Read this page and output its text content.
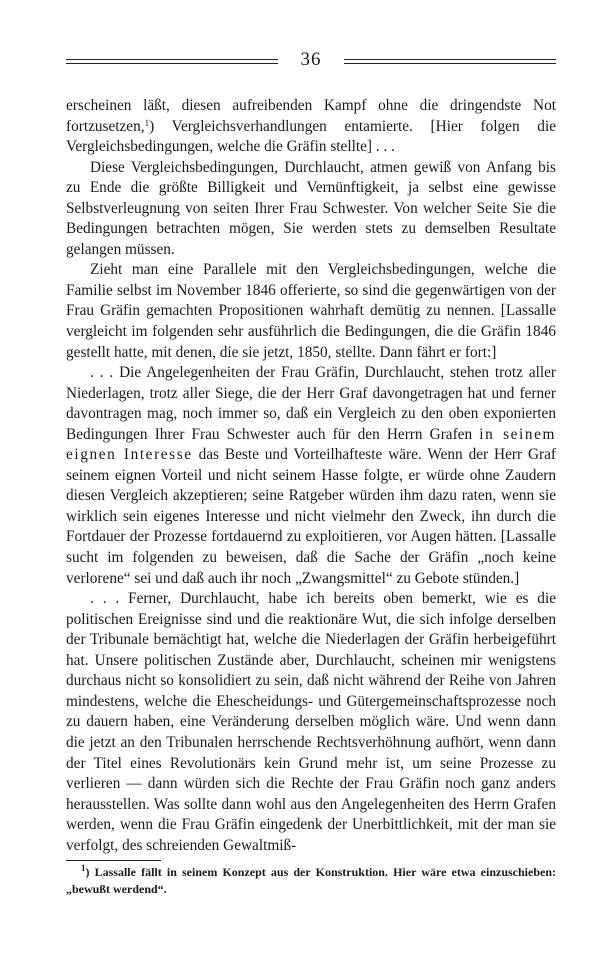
36

erscheinen läßt, diesen aufreibenden Kampf ohne die dringendste Not fortzusetzen,$^1$) Vergleichsverhandlungen entamierte. [Hier folgen die Vergleichsbedingungen, welche die Gräfin stellte] . . .

Diese Vergleichsbedingungen, Durchlaucht, atmen gewiß von Anfang bis zu Ende die größte Billigkeit und Vernünftigkeit, ja selbst eine gewisse Selbstverleugnung von seiten Ihrer Frau Schwester. Von welcher Seite Sie die Bedingungen betrachten mögen, Sie werden stets zu demselben Resultate gelangen müssen.

Zieht man eine Parallele mit den Vergleichsbedingungen, welche die Familie selbst im November 1846 offerierte, so sind die gegenwärtigen von der Frau Gräfin gemachten Propositionen wahrhaft demütig zu nennen. [Lassalle vergleicht im folgenden sehr ausführlich die Bedingungen, die die Gräfin 1846 gestellt hatte, mit denen, die sie jetzt, 1850, stellte. Dann fährt er fort:]

. . . Die Angelegenheiten der Frau Gräfin, Durchlaucht, stehen trotz aller Niederlagen, trotz aller Siege, die der Herr Graf davongetragen hat und ferner davontragen mag, noch immer so, daß ein Vergleich zu den oben exponierten Bedingungen Ihrer Frau Schwester auch für den Herrn Grafen in seinem eignen Interesse das Beste und Vorteilhafteste wäre. Wenn der Herr Graf seinem eignen Vorteil und nicht seinem Hasse folgte, er würde ohne Zaudern diesen Vergleich akzeptieren; seine Ratgeber würden ihm dazu raten, wenn sie wirklich sein eigenes Interesse und nicht vielmehr den Zweck, ihn durch die Fortdauer der Prozesse fortdauernd zu exploitieren, vor Augen hätten. [Lassalle sucht im folgenden zu beweisen, daß die Sache der Gräfin „noch keine verlorene“ sei und daß auch ihr noch „Zwangsmittel“ zu Gebote stünden.]

. . . Ferner, Durchlaucht, habe ich bereits oben bemerkt, wie es die politischen Ereignisse sind und die reaktionäre Wut, die sich infolge derselben der Tribunale bemächtigt hat, welche die Niederlagen der Gräfin herbeigeführt hat. Unsere politischen Zustände aber, Durchlaucht, scheinen mir wenigstens durchaus nicht so konsolidiert zu sein, daß nicht während der Reihe von Jahren mindestens, welche die Ehescheidungs- und Gütergemeinschaftsprozesse noch zu dauern haben, eine Veränderung derselben möglich wäre. Und wenn dann die jetzt an den Tribunalen herrschende Rechtsverhöhnung aufhört, wenn dann der Titel eines Revolutionärs kein Grund mehr ist, um seine Prozesse zu verlieren — dann würden sich die Rechte der Frau Gräfin noch ganz anders herausstellen. Was sollte dann wohl aus den Angelegenheiten des Herrn Grafen werden, wenn die Frau Gräfin eingedenk der Unerbittlichkeit, mit der man sie verfolgt, des schreienden Gewaltmiß-

$^1$) Lassalle fällt in seinem Konzept aus der Konstruktion. Hier wäre etwa einzuschieben: „bewußt werdend“.
